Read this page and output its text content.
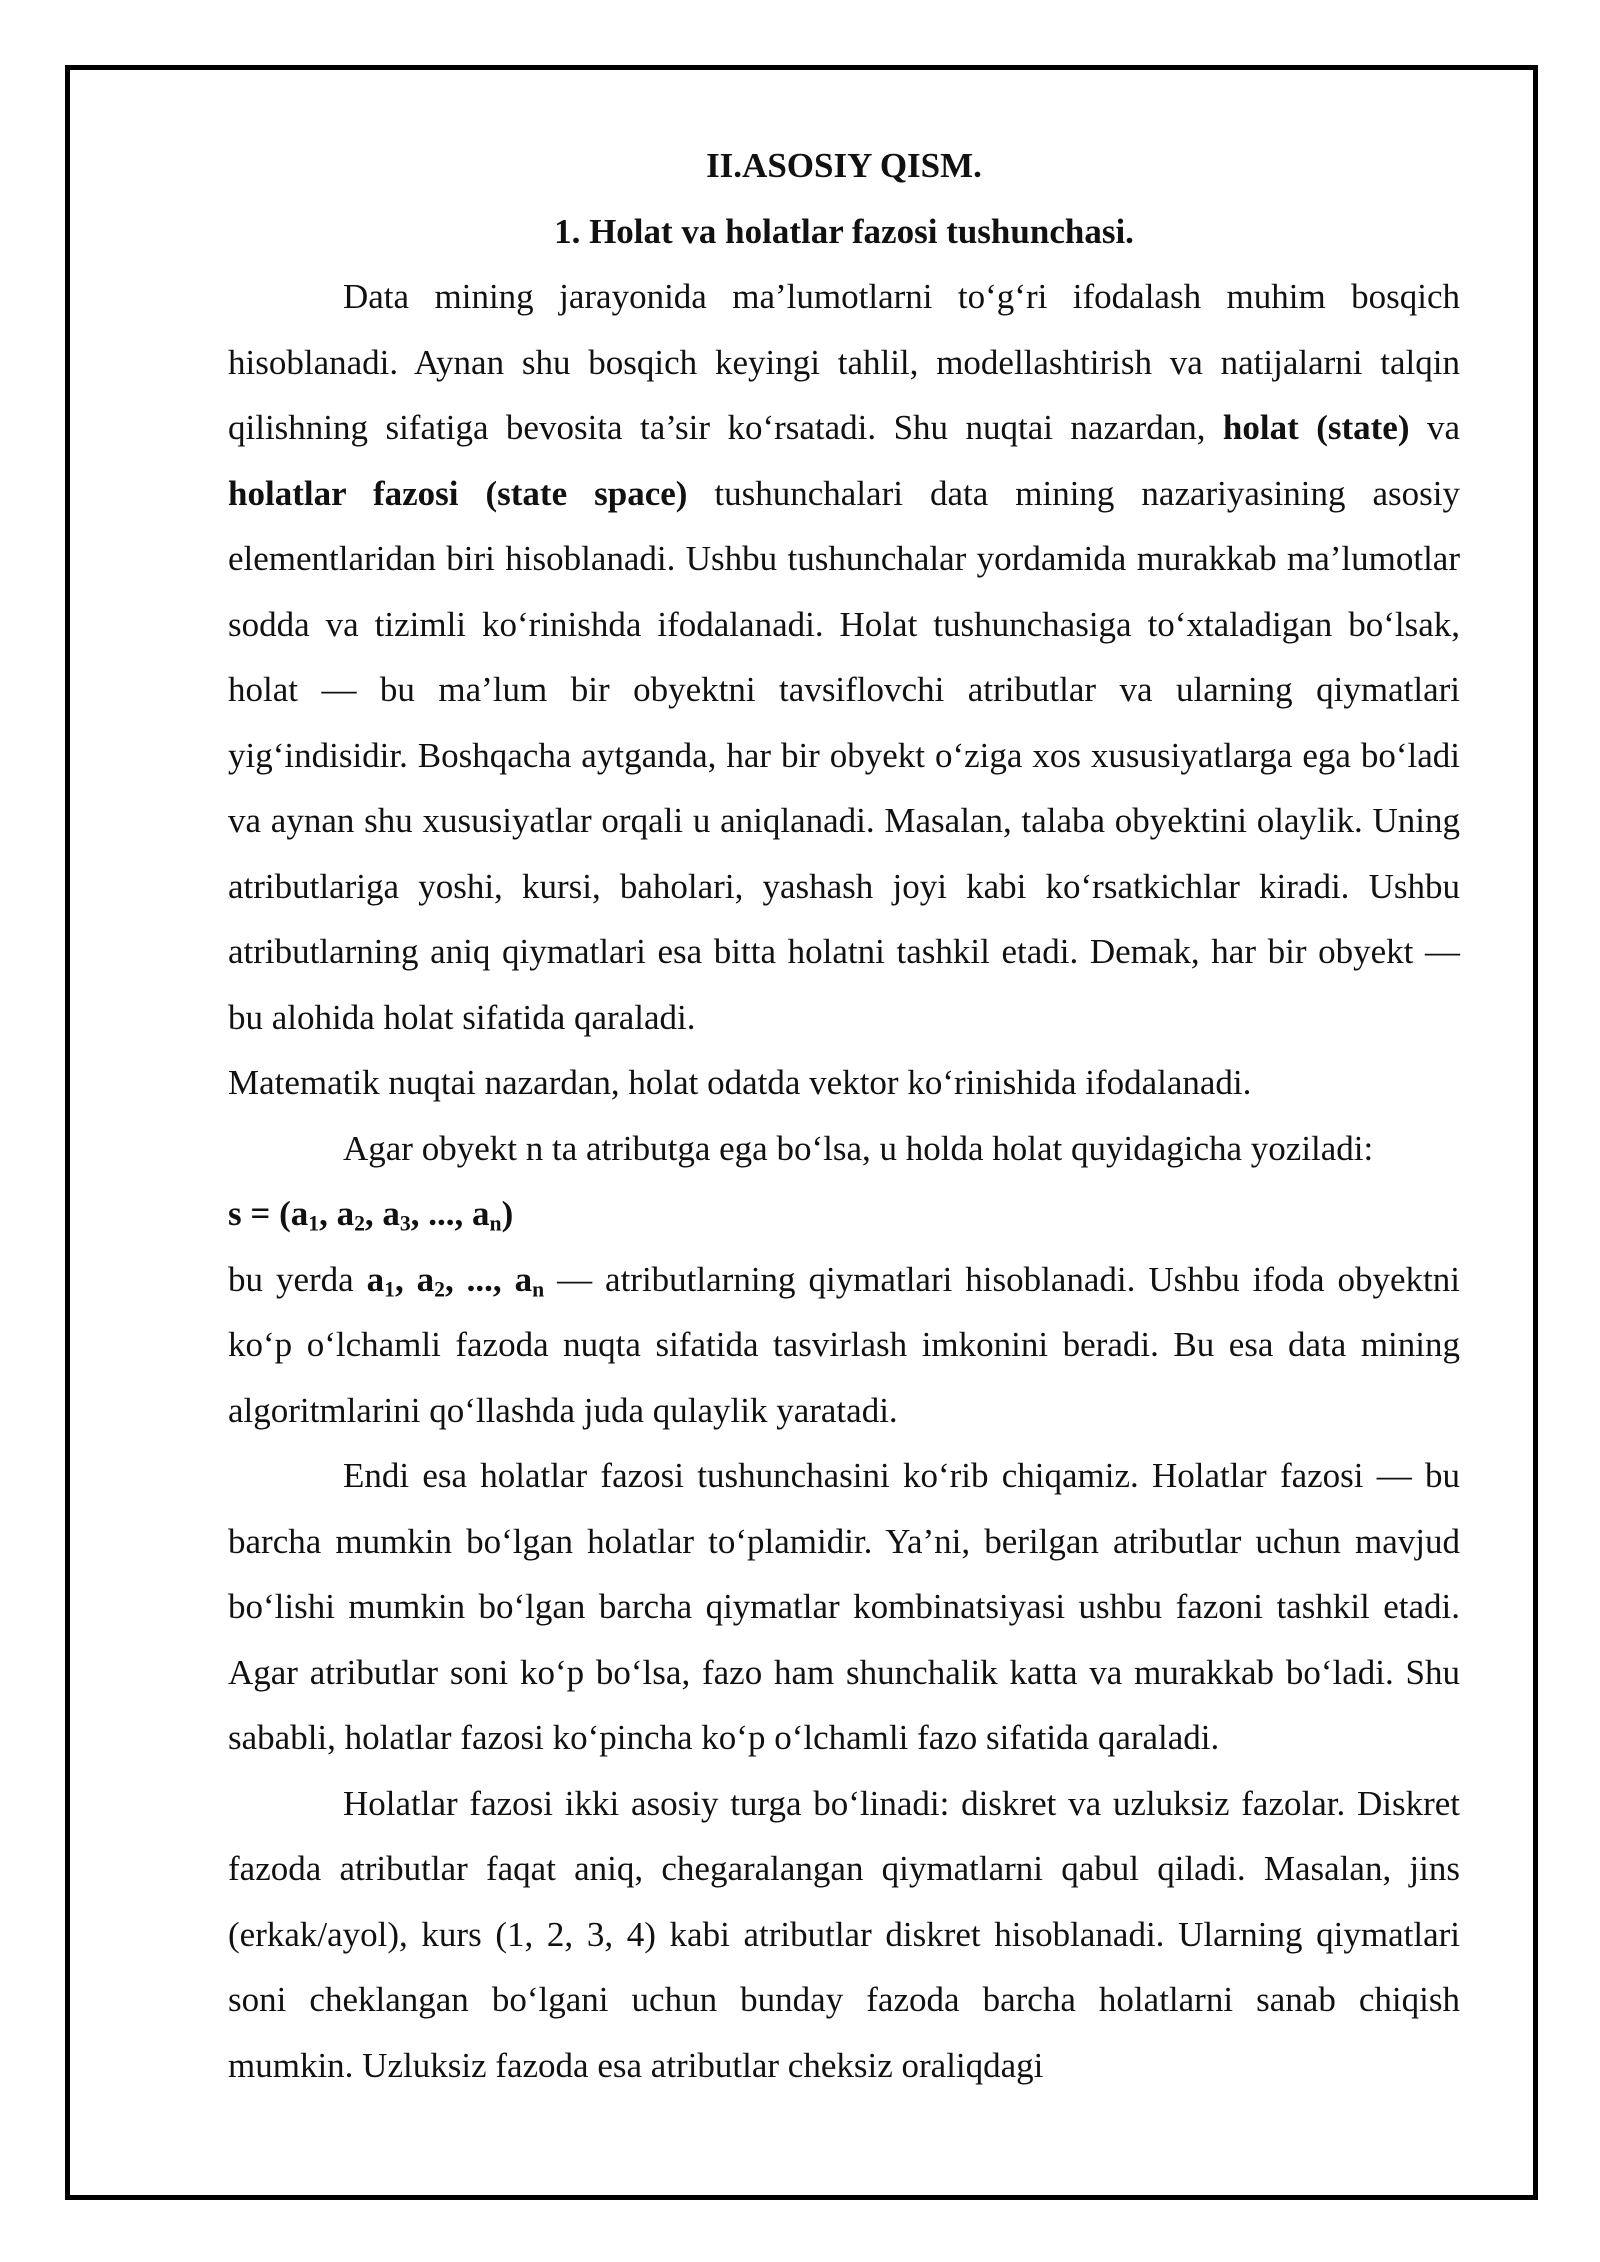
II.ASOSIY QISM.

1. Holat va holatlar fazosi tushunchasi.

Data mining jarayonida ma’lumotlarni to‘g‘ri ifodalash muhim bosqich hisoblanadi. Aynan shu bosqich keyingi tahlil, modellashtirish va natijalarni talqin qilishning sifatiga bevosita ta’sir ko‘rsatadi. Shu nuqtai nazardan, holat (state) va holatlar fazosi (state space) tushunchalari data mining nazariyasining asosiy elementlaridan biri hisoblanadi. Ushbu tushunchalar yordamida murakkab ma’lumotlar sodda va tizimli ko‘rinishda ifodalanadi. Holat tushunchasiga to‘xtaladigan bo‘lsak, holat — bu ma’lum bir obyektni tavsiflovchi atributlar va ularning qiymatlari yig‘indisidir. Boshqacha aytganda, har bir obyekt o‘ziga xos xususiyatlarga ega bo‘ladi va aynan shu xususiyatlar orqali u aniqlanadi. Masalan, talaba obyektini olaylik. Uning atributlariga yoshi, kursi, baholari, yashash joyi kabi ko‘rsatkichlar kiradi. Ushbu atributlarning aniq qiymatlari esa bitta holatni tashkil etadi. Demak, har bir obyekt — bu alohida holat sifatida qaraladi.

Matematik nuqtai nazardan, holat odatda vektor ko‘rinishida ifodalanadi.

Agar obyekt n ta atributga ega bo‘lsa, u holda holat quyidagicha yoziladi:

$s = (a_1$, $a_2$, $a_3$, ..., $a_n$)

bu yerda $a_1$, $a_2$, ..., $a_n$ — atributlarning qiymatlari hisoblanadi. Ushbu ifoda obyektni ko‘p o‘lchamli fazoda nuqta sifatida tasvirlash imkonini beradi. Bu esa data mining algoritmlarini qo‘llashda juda qulaylik yaratadi.

Endi esa holatlar fazosi tushunchasini ko‘rib chiqamiz. Holatlar fazosi — bu barcha mumkin bo‘lgan holatlar to‘plamidir. Ya’ni, berilgan atributlar uchun mavjud bo‘lishi mumkin bo‘lgan barcha qiymatlar kombinatsiyasi ushbu fazoni tashkil etadi. Agar atributlar soni ko‘p bo‘lsa, fazo ham shunchalik katta va murakkab bo‘ladi. Shu sababli, holatlar fazosi ko‘pincha ko‘p o‘lchamli fazo sifatida qaraladi.

Holatlar fazosi ikki asosiy turga bo‘linadi: diskret va uzluksiz fazolar. Diskret fazoda atributlar faqat aniq, chegaralangan qiymatlarni qabul qiladi. Masalan, jins (erkak/ayol), kurs (1, 2, 3, 4) kabi atributlar diskret hisoblanadi. Ularning qiymatlari soni cheklangan bo‘lgani uchun bunday fazoda barcha holatlarni sanab chiqish mumkin. Uzluksiz fazoda esa atributlar cheksiz oraliqdagi
